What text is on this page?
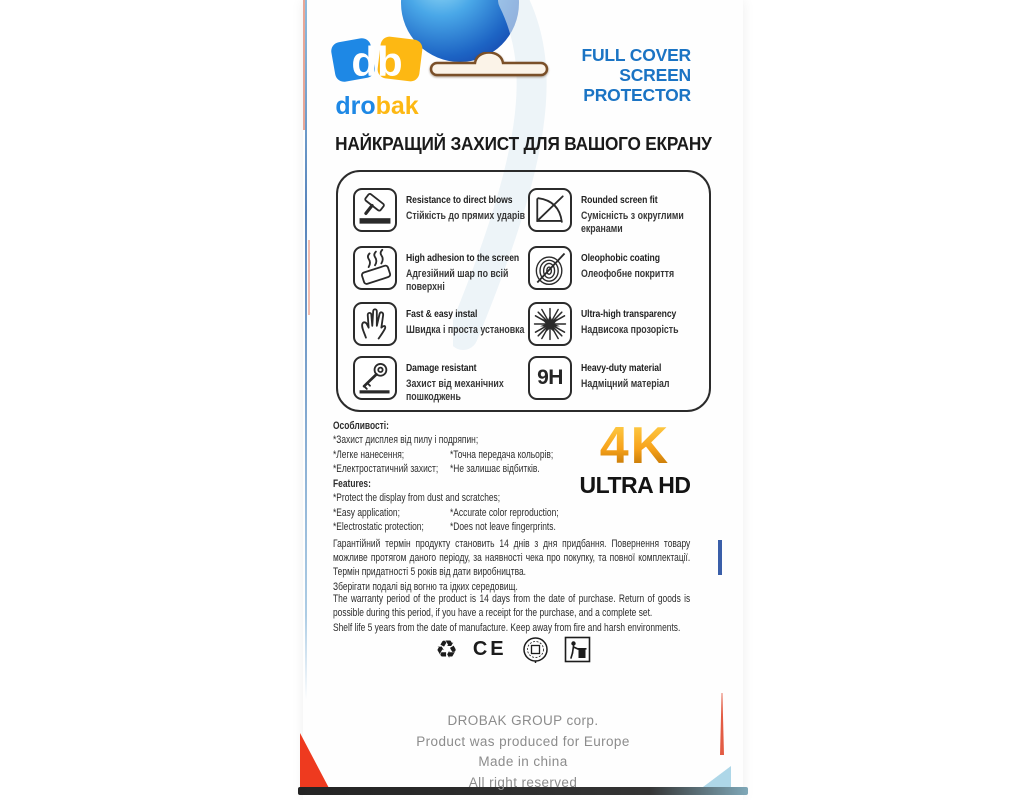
db
drobak
FULL COVER
SCREEN
PROTECTOR
НАЙКРАЩИЙ ЗАХИСТ ДЛЯ ВАШОГО ЕКРАНУ
Resistance to direct blows
Стійкість до прямих ударів
High adhesion to the screen
Адгезійний шар по всій поверхні
Fast & easy instal
Швидка і проста установка
Damage resistant
Захист від механічних пошкоджень
Rounded screen fit
Сумісність з округлими екранами
Oleophobic coating
Олеофобне покриття
Ultra-high transparency
Надвисока прозорість
9H Heavy-duty material
Надміцний матеріал
Особливості:
*Захист дисплея від пилу і подряпин;
*Легке нанесення;	*Точна передача кольорів;
*Електростатичний захист;	*Не залишає відбитків.	4K
ULTRA HD
Features:
*Protect the display from dust and scratches;
*Easy application;	*Accurate color reproduction;
*Electrostatic protection;	*Does not leave fingerprints.
Гарантійний термін продукту становить 14 днів з дня придбання. Повернення товару можливе протягом даного періоду, за наявності чека про покупку, та повної комплектації. Термін придатності 5 років від дати виробництва.
Зберігати подалі від вогню та ідких середовищ.
The warranty period of the product is 14 days from the date of purchase. Return of goods is possible during this period, if you have a receipt for the purchase, and a complete set.
Shelf life 5 years from the date of manufacture. Keep away from fire and harsh environments.
♻ CE
DROBAK GROUP corp.
Product was produced for Europe
Made in china
All right reserved
